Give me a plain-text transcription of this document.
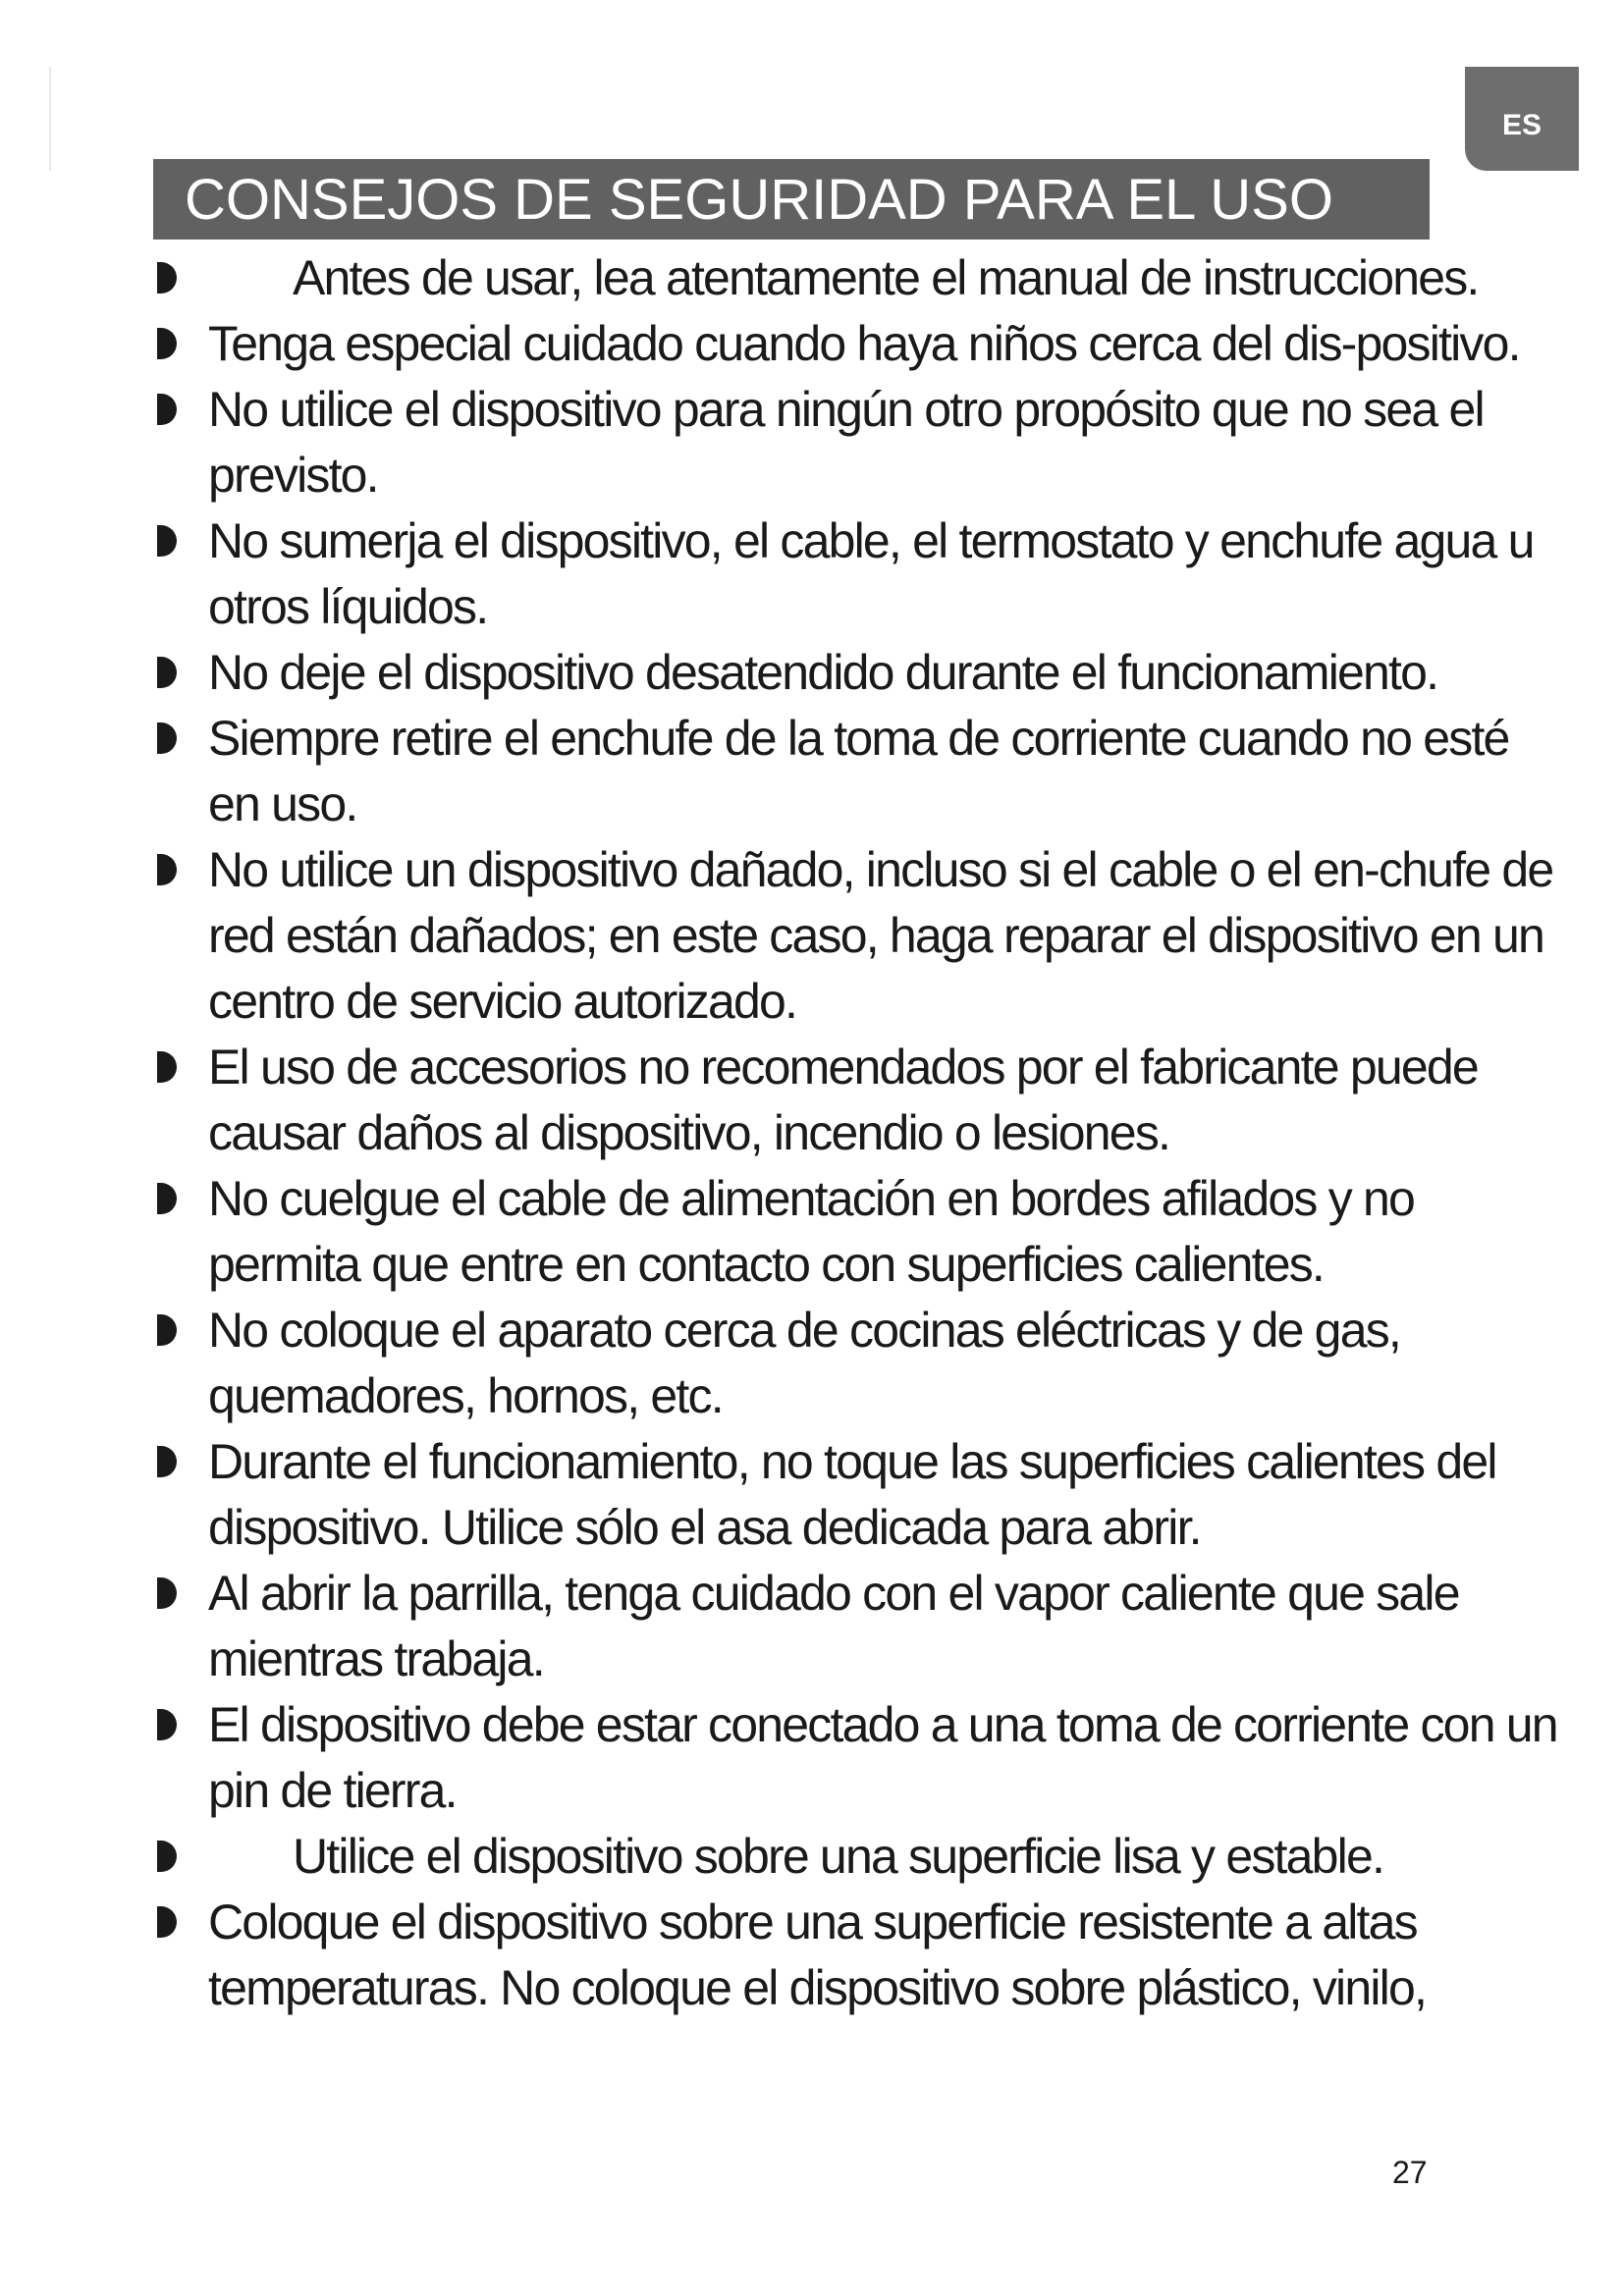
ES
CONSEJOS DE SEGURIDAD PARA EL USO
Antes de usar, lea atentamente el manual de instrucciones.
Tenga especial cuidado cuando haya niños cerca del dis-positivo.
No utilice el dispositivo para ningún otro propósito que no sea el previsto.
No sumerja el dispositivo, el cable, el termostato y enchufe agua u otros líquidos.
No deje el dispositivo desatendido durante el funcionamiento.
Siempre retire el enchufe de la toma de corriente cuando no esté en uso.
No utilice un dispositivo dañado, incluso si el cable o el en-chufe de red están dañados; en este caso, haga reparar el dispositivo en un centro de servicio autorizado.
El uso de accesorios no recomendados por el fabricante puede causar daños al dispositivo, incendio o lesiones.
No cuelgue el cable de alimentación en bordes afilados y no permita que entre en contacto con superficies calientes.
No coloque el aparato cerca de cocinas eléctricas y de gas, quemadores, hornos, etc.
Durante el funcionamiento, no toque las superficies calientes del dispositivo. Utilice sólo el asa dedicada para abrir.
Al abrir la parrilla, tenga cuidado con el vapor caliente que sale mientras trabaja.
El dispositivo debe estar conectado a una toma de corriente con un pin de tierra.
Utilice el dispositivo sobre una superficie lisa y estable.
Coloque el dispositivo sobre una superficie resistente a altas temperaturas. No coloque el dispositivo sobre plástico, vinilo,
27
